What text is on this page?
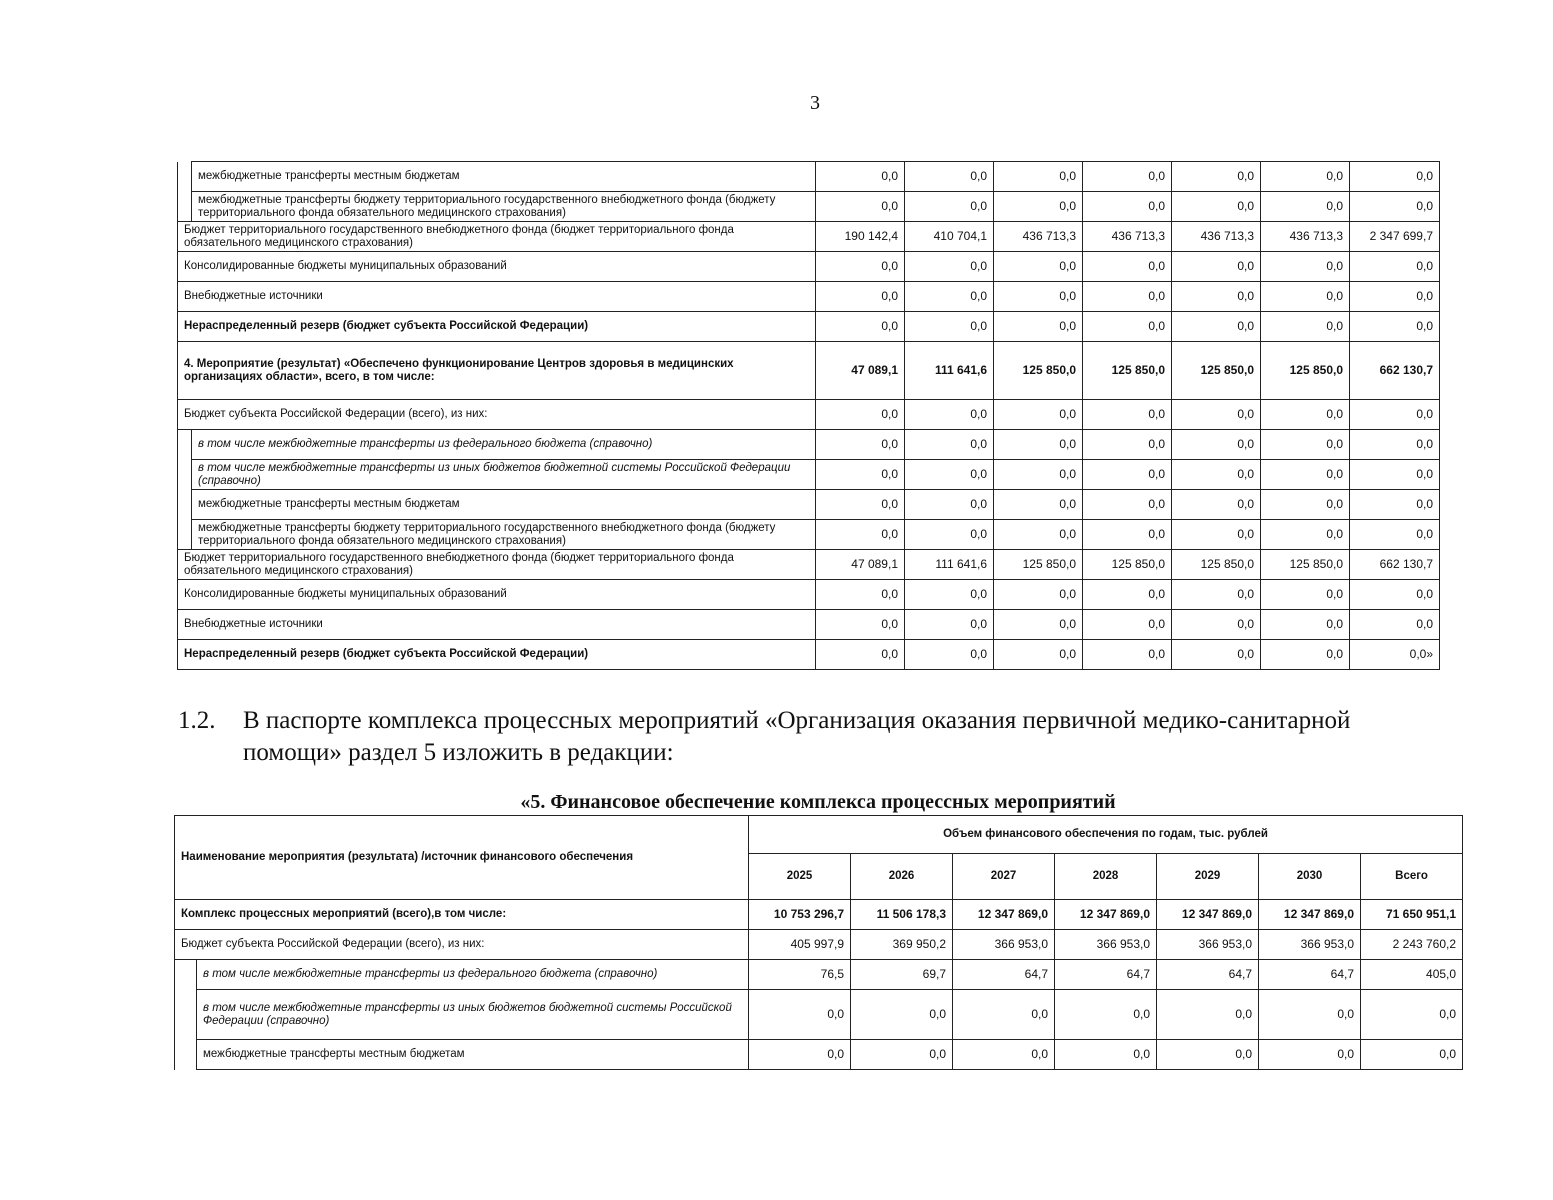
3
	межбюджетные трансферты местным бюджетам	0,0	0,0	0,0	0,0	0,0	0,0	0,0
	межбюджетные трансферты бюджету территориального государственного внебюджетного фонда (бюджету территориального фонда обязательного медицинского страхования)	0,0	0,0	0,0	0,0	0,0	0,0	0,0
Бюджет территориального государственного внебюджетного фонда (бюджет территориального фонда обязательного медицинского страхования)		190 142,4	410 704,1	436 713,3	436 713,3	436 713,3	436 713,3	2 347 699,7
Консолидированные бюджеты муниципальных образований		0,0	0,0	0,0	0,0	0,0	0,0	0,0
Внебюджетные источники		0,0	0,0	0,0	0,0	0,0	0,0	0,0
Нераспределенный резерв (бюджет субъекта Российской Федерации)		0,0	0,0	0,0	0,0	0,0	0,0	0,0
4. Мероприятие (результат) «Обеспечено функционирование Центров здоровья в медицинских организациях области», всего, в том числе:		47 089,1	111 641,6	125 850,0	125 850,0	125 850,0	125 850,0	662 130,7
Бюджет субъекта Российской Федерации (всего), из них:		0,0	0,0	0,0	0,0	0,0	0,0	0,0
	в том числе межбюджетные трансферты из федерального бюджета (справочно)	0,0	0,0	0,0	0,0	0,0	0,0	0,0
	в том числе межбюджетные трансферты из иных бюджетов бюджетной системы Российской Федерации (справочно)	0,0	0,0	0,0	0,0	0,0	0,0	0,0
	межбюджетные трансферты местным бюджетам	0,0	0,0	0,0	0,0	0,0	0,0	0,0
	межбюджетные трансферты бюджету территориального государственного внебюджетного фонда (бюджету территориального фонда обязательного медицинского страхования)	0,0	0,0	0,0	0,0	0,0	0,0	0,0
Бюджет территориального государственного внебюджетного фонда (бюджет территориального фонда обязательного медицинского страхования)		47 089,1	111 641,6	125 850,0	125 850,0	125 850,0	125 850,0	662 130,7
Консолидированные бюджеты муниципальных образований		0,0	0,0	0,0	0,0	0,0	0,0	0,0
Внебюджетные источники		0,0	0,0	0,0	0,0	0,0	0,0	0,0
Нераспределенный резерв (бюджет субъекта Российской Федерации)		0,0	0,0	0,0	0,0	0,0	0,0	0,0»
1.2. В паспорте комплекса процессных мероприятий «Организация оказания первичной медико-санитарной
помощи» раздел 5 изложить в редакции:
«5. Финансовое обеспечение комплекса процессных мероприятий
Наименование мероприятия (результата) /источник финансового обеспечения		Объем финансового обеспечения по годам, тыс. рублей						
		2025	2026	2027	2028	2029	2030	Всего
Комплекс процессных мероприятий (всего),в том числе:		10 753 296,7	11 506 178,3	12 347 869,0	12 347 869,0	12 347 869,0	12 347 869,0	71 650 951,1
Бюджет субъекта Российской Федерации (всего), из них:		405 997,9	369 950,2	366 953,0	366 953,0	366 953,0	366 953,0	2 243 760,2
	в том числе межбюджетные трансферты из федерального бюджета (справочно)	76,5	69,7	64,7	64,7	64,7	64,7	405,0
	в том числе межбюджетные трансферты из иных бюджетов бюджетной системы Российской Федерации (справочно)	0,0	0,0	0,0	0,0	0,0	0,0	0,0
	межбюджетные трансферты местным бюджетам	0,0	0,0	0,0	0,0	0,0	0,0	0,0
